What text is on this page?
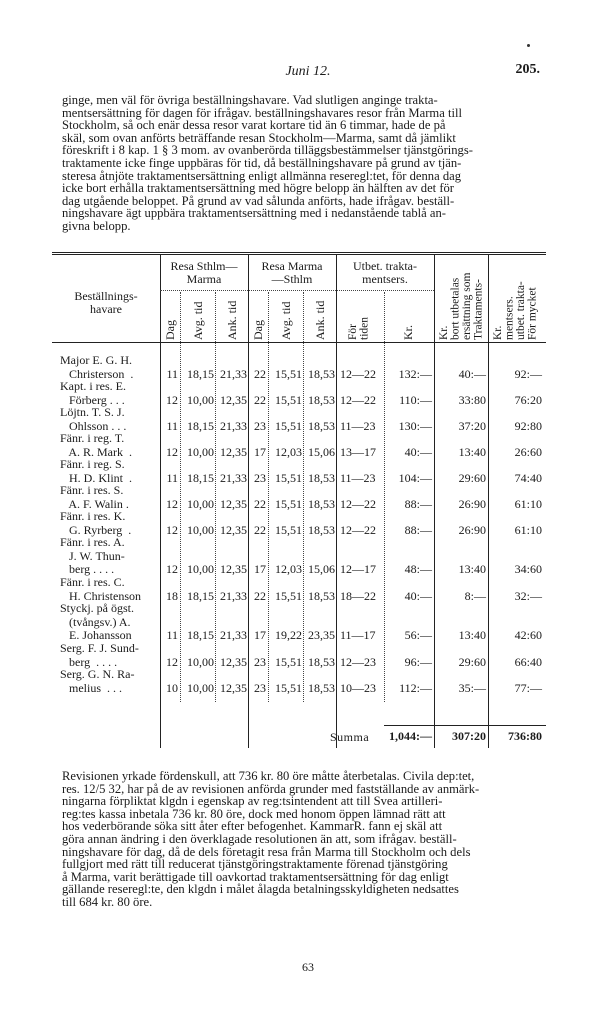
Juni 12.	205.
ginge, men väl för övriga beställningshavare. Vad slutligen anginge trakta-
mentsersättning för dagen för ifrågav. beställningshavares resor från Marma till
Stockholm, så och enär dessa resor varat kortare tid än 6 timmar, hade de på
skäl, som ovan anförts beträffande resan Stockholm—Marma, samt då jämlikt
föreskrift i 8 kap. 1 § 3 mom. av ovanberörda tilläggsbestämmelser tjänstgörings-
traktamente icke finge uppbäras för tid, då beställningshavare på grund av tjän-
steresa åtnjöte traktamentsersättning enligt allmänna reseregl:tet, för denna dag
icke bort erhålla traktamentsersättning med högre belopp än hälften av det för
dag utgående beloppet. På grund av vad sålunda anförts, hade ifrågav. beställ-
ningshavare ägt uppbära traktamentsersättning med i nedanstående tablå an-
givna belopp.
Beställnings-
havare
Resa Sthlm—
Marma
Resa Marma
—Sthlm
Utbet. trakta-
mentsers.
Dag Avg. tid Ank. tid Dag Avg. tid Ank. tid För
tiden	Kr. Kr.
bort utbetalas
ersättning som
Traktaments- Kr.
mentsers.
utbet. trakta-
För mycket
Major E. G. H.
Christerson  .	11 18,15 21,33 22 15,51 18,53 12—22	132:—	40:—	92:—
Kapt. i res. E.
Förberg . . .	12 10,00 12,35 22 15,51 18,53 12—22	110:—	33:80	76:20
Löjtn. T. S. J.
Ohlsson . . .	11 18,15 21,33 23 15,51 18,53 11—23	130:—	37:20	92:80
Fänr. i reg. T.
A. R. Mark  .	12 10,00 12,35 17 12,03 15,06 13—17	40:—	13:40	26:60
Fänr. i reg. S.
H. D. Klint  .	11 18,15 21,33 23 15,51 18,53 11—23	104:—	29:60	74:40
Fänr. i res. S.
A. F. Walin .	12 10,00 12,35 22 15,51 18,53 12—22	88:—	26:90	61:10
Fänr. i res. K.
G. Ryrberg  .	12 10,00 12,35 22 15,51 18,53 12—22	88:—	26:90	61:10
Fänr. i res. A.
J. W. Thun-
berg . . . .	12 10,00 12,35 17 12,03 15,06 12—17	48:—	13:40	34:60
Fänr. i res. C.
H. Christenson	18 18,15 21,33 22 15,51 18,53 18—22	40:—	8:—	32:—
Styckj. på ögst.
(tvångsv.) A.
E. Johansson	11 18,15 21,33 17 19,22 23,35 11—17	56:—	13:40	42:60
Serg. F. J. Sund-
berg  . . . .	12 10,00 12,35 23 15,51 18,53 12—23	96:—	29:60	66:40
Serg. G. N. Ra-
melius  . . .	10 10,00 12,35 23 15,51 18,53 10—23	112:—	35:—	77:—
Summa	1,044:—	307:20	736:80
Revisionen yrkade fördenskull, att 736 kr. 80 öre måtte återbetalas. Civila dep:tet,
res. 12/5 32, har på de av revisionen anförda grunder med fastställande av anmärk-
ningarna förpliktat klgdn i egenskap av reg:tsintendent att till Svea artilleri-
reg:tes kassa inbetala 736 kr. 80 öre, dock med honom öppen lämnad rätt att
hos vederbörande söka sitt åter efter befogenhet. KammarR. fann ej skäl att
göra annan ändring i den överklagade resolutionen än att, som ifrågav. beställ-
ningshavare för dag, då de dels företagit resa från Marma till Stockholm och dels
fullgjort med rätt till reducerat tjänstgöringstraktamente förenad tjänstgöring
å Marma, varit berättigade till oavkortad traktamentsersättning för dag enligt
gällande reseregl:te, den klgdn i målet ålagda betalningsskyldigheten nedsattes
till 684 kr. 80 öre.
63
